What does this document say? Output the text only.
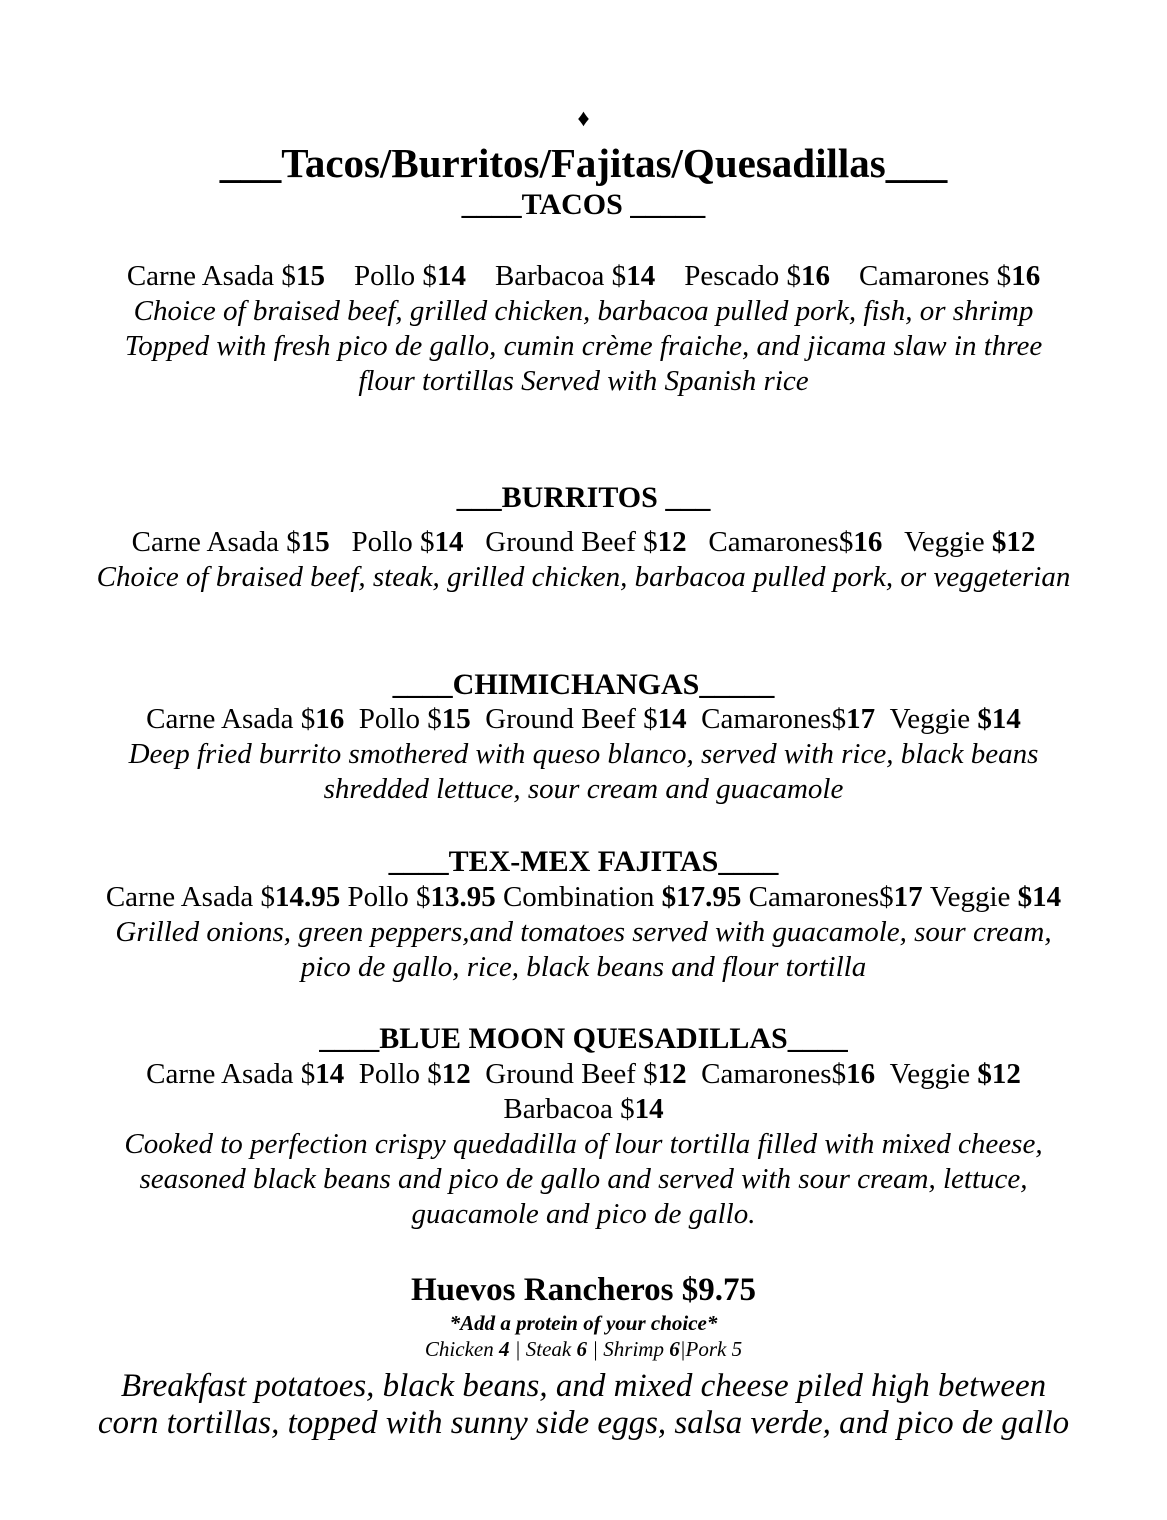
♦
___Tacos/Burritos/Fajitas/Quesadillas___
____TACOS _____
Carne Asada $15 Pollo $14 Barbacoa $14 Pescado $16 Camarones $16
Choice of braised beef, grilled chicken, barbacoa pulled pork, fish, or shrimp
Topped with fresh pico de gallo, cumin crème fraiche, and jicama slaw in three
flour tortillas Served with Spanish rice
___BURRITOS ___
Carne Asada $15 Pollo $14 Ground Beef $12 Camarones$16 Veggie $12
Choice of braised beef, steak, grilled chicken, barbacoa pulled pork, or veggeterian
____CHIMICHANGAS_____
Carne Asada $16 Pollo $15 Ground Beef $14 Camarones$17 Veggie $14
Deep fried burrito smothered with queso blanco, served with rice, black beans
shredded lettuce, sour cream and guacamole
____TEX-MEX FAJITAS____
Carne Asada $14.95 Pollo $13.95 Combination $17.95 Camarones$17 Veggie $14
Grilled onions, green peppers,and tomatoes served with guacamole, sour cream,
pico de gallo, rice, black beans and flour tortilla
____BLUE MOON QUESADILLAS____
Carne Asada $14 Pollo $12 Ground Beef $12 Camarones$16 Veggie $12
Barbacoa $14
Cooked to perfection crispy quedadilla of lour tortilla filled with mixed cheese,
seasoned black beans and pico de gallo and served with sour cream, lettuce,
guacamole and pico de gallo.
Huevos Rancheros $9.75
*Add a protein of your choice*
Chicken 4 | Steak 6 | Shrimp 6|Pork 5
Breakfast potatoes, black beans, and mixed cheese piled high between
corn tortillas, topped with sunny side eggs, salsa verde, and pico de gallo
